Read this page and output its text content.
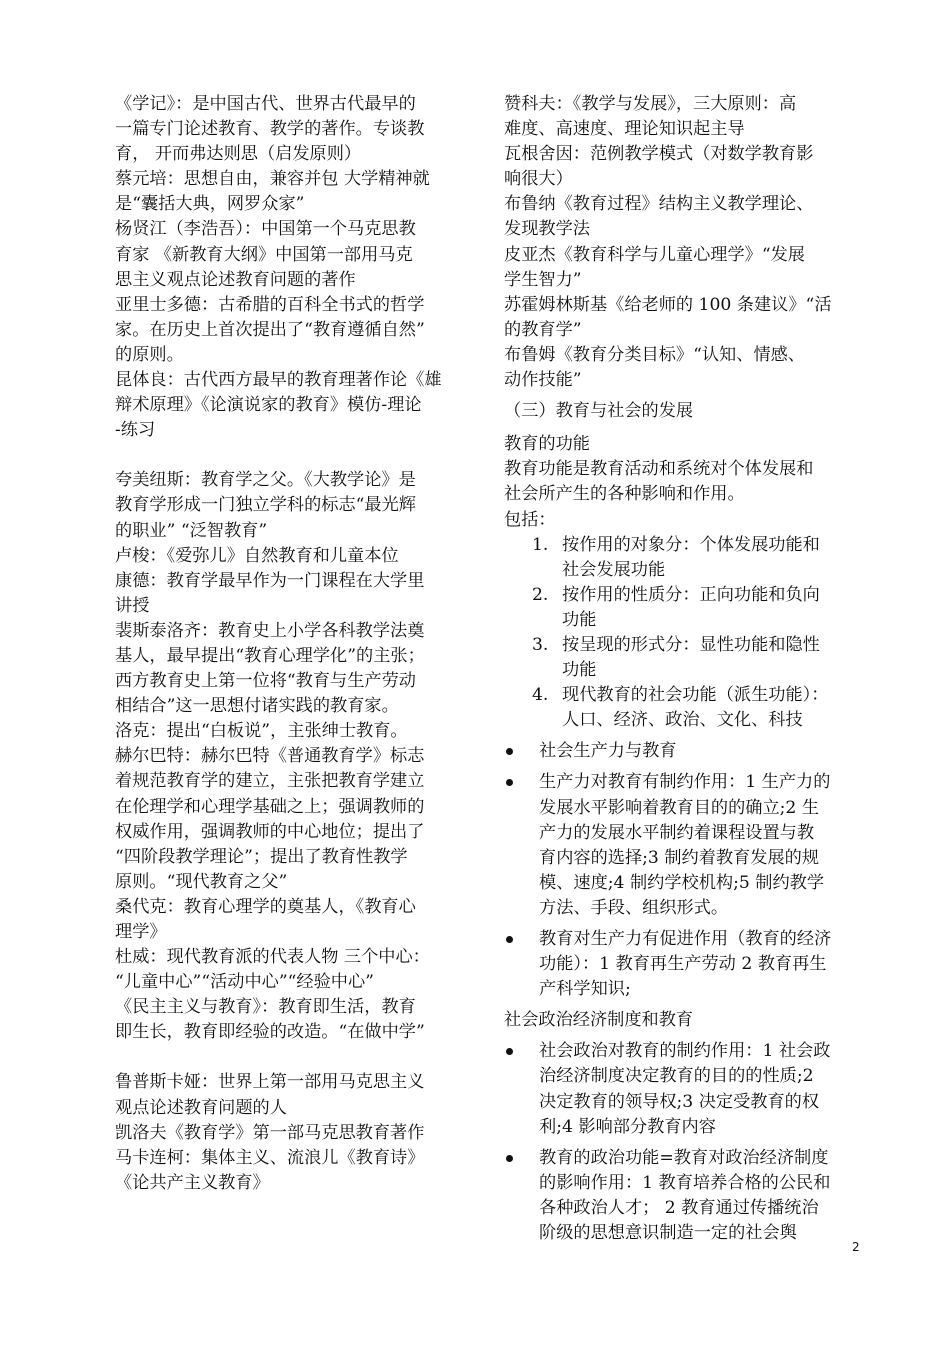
《学记》：是中国古代、世界古代最早的

一篇专门论述教育、教学的著作。专谈教

育， 开而弗达则思（启发原则）

蔡元培：思想自由，兼容并包 大学精神就

是“囊括大典，网罗众家”

杨贤江（李浩吾）：中国第一个马克思教

育家 《新教育大纲》中国第一部用马克

思主义观点论述教育问题的著作

亚里士多德：古希腊的百科全书式的哲学

家。在历史上首次提出了“教育遵循自然”

的原则。

昆体良：古代西方最早的教育理著作论《雄

辩术原理》《论演说家的教育》模仿-理论

-练习

夸美纽斯：教育学之父。《大教学论》是

教育学形成一门独立学科的标志“最光辉

的职业” “泛智教育”

卢梭：《爱弥儿》自然教育和儿童本位

康德：教育学最早作为一门课程在大学里

讲授

裴斯泰洛齐：教育史上小学各科教学法奠

基人，最早提出“教育心理学化”的主张；

西方教育史上第一位将“教育与生产劳动

相结合”这一思想付诸实践的教育家。

洛克：提出“白板说”，主张绅士教育。

赫尔巴特：赫尔巴特《普通教育学》标志

着规范教育学的建立，主张把教育学建立

在伦理学和心理学基础之上；强调教师的

权威作用，强调教师的中心地位；提出了

“四阶段教学理论”；提出了教育性教学

原则。“现代教育之父”

桑代克：教育心理学的奠基人，《教育心

理学》

杜威：现代教育派的代表人物 三个中心：

“儿童中心”“活动中心”“经验中心”

《民主主义与教育》：教育即生活，教育

即生长，教育即经验的改造。“在做中学”

鲁普斯卡娅：世界上第一部用马克思主义

观点论述教育问题的人

凯洛夫《教育学》第一部马克思教育著作

马卡连柯：集体主义、流浪儿《教育诗》

《论共产主义教育》

赞科夫：《教学与发展》，三大原则：高

难度、高速度、理论知识起主导

瓦根舍因：范例教学模式（对数学教育影

响很大）

布鲁纳《教育过程》结构主义教学理论、

发现教学法

皮亚杰《教育科学与儿童心理学》“发展

学生智力”

苏霍姆林斯基《给老师的 100 条建议》“活

的教育学”

布鲁姆《教育分类目标》“认知、情感、

动作技能”

（三）教育与社会的发展

教育的功能

教育功能是教育活动和系统对个体发展和

社会所产生的各种影响和作用。

包括：

1. 按作用的对象分：个体发展功能和
社会发展功能
2. 按作用的性质分：正向功能和负向
功能
3. 按呈现的形式分：显性功能和隐性
功能
4. 现代教育的社会功能（派生功能）：
人口、经济、政治、文化、科技

社会生产力与教育

生产力对教育有制约作用：1 生产力的

发展水平影响着教育目的的确立;2 生

产力的发展水平制约着课程设置与教

育内容的选择;3 制约着教育发展的规

模、速度;4 制约学校机构;5 制约教学

方法、手段、组织形式。

教育对生产力有促进作用（教育的经济

功能）：1 教育再生产劳动 2 教育再生

产科学知识;

社会政治经济制度和教育

社会政治对教育的制约作用：1 社会政

治经济制度决定教育的目的的性质;2

决定教育的领导权;3 决定受教育的权

利;4 影响部分教育内容

教育的政治功能=教育对政治经济制度

的影响作用：1 教育培养合格的公民和

各种政治人才； 2 教育通过传播统治

阶级的思想意识制造一定的社会舆

2
